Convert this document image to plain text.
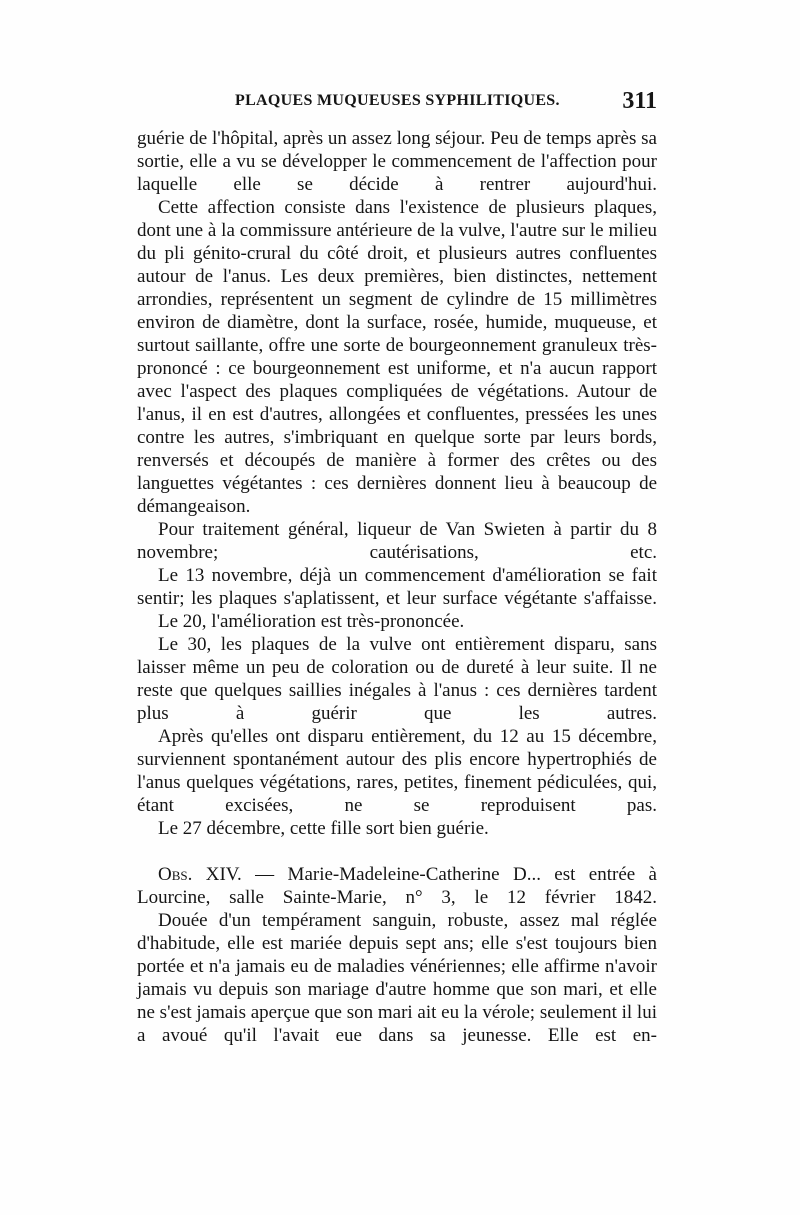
PLAQUES MUQUEUSES SYPHILITIQUES.	311

guérie de l'hôpital, après un assez long séjour. Peu de temps après sa sortie, elle a vu se développer le commencement de l'affection pour laquelle elle se décide à rentrer aujourd'hui.

Cette affection consiste dans l'existence de plusieurs plaques, dont une à la commissure antérieure de la vulve, l'autre sur le milieu du pli génito-crural du côté droit, et plusieurs autres confluentes autour de l'anus. Les deux premières, bien distinctes, nettement arrondies, représentent un segment de cylindre de 15 millimètres environ de diamètre, dont la surface, rosée, humide, muqueuse, et surtout saillante, offre une sorte de bourgeonnement granuleux très-prononcé : ce bourgeonnement est uniforme, et n'a aucun rapport avec l'aspect des plaques compliquées de végétations. Autour de l'anus, il en est d'autres, allongées et confluentes, pressées les unes contre les autres, s'imbriquant en quelque sorte par leurs bords, renversés et découpés de manière à former des crêtes ou des languettes végétantes : ces dernières donnent lieu à beaucoup de démangeaison.

Pour traitement général, liqueur de Van Swieten à partir du 8 novembre; cautérisations, etc.

Le 13 novembre, déjà un commencement d'amélioration se fait sentir; les plaques s'aplatissent, et leur surface végétante s'affaisse.

Le 20, l'amélioration est très-prononcée.

Le 30, les plaques de la vulve ont entièrement disparu, sans laisser même un peu de coloration ou de dureté à leur suite. Il ne reste que quelques saillies inégales à l'anus : ces dernières tardent plus à guérir que les autres.

Après qu'elles ont disparu entièrement, du 12 au 15 décembre, surviennent spontanément autour des plis encore hypertrophiés de l'anus quelques végétations, rares, petites, finement pédiculées, qui, étant excisées, ne se reproduisent pas.

Le 27 décembre, cette fille sort bien guérie.

Obs. XIV. — Marie-Madeleine-Catherine D... est entrée à Lourcine, salle Sainte-Marie, n° 3, le 12 février 1842.

Douée d'un tempérament sanguin, robuste, assez mal réglée d'habitude, elle est mariée depuis sept ans; elle s'est toujours bien portée et n'a jamais eu de maladies vénériennes; elle affirme n'avoir jamais vu depuis son mariage d'autre homme que son mari, et elle ne s'est jamais aperçue que son mari ait eu la vérole; seulement il lui a avoué qu'il l'avait eue dans sa jeunesse. Elle est en-
